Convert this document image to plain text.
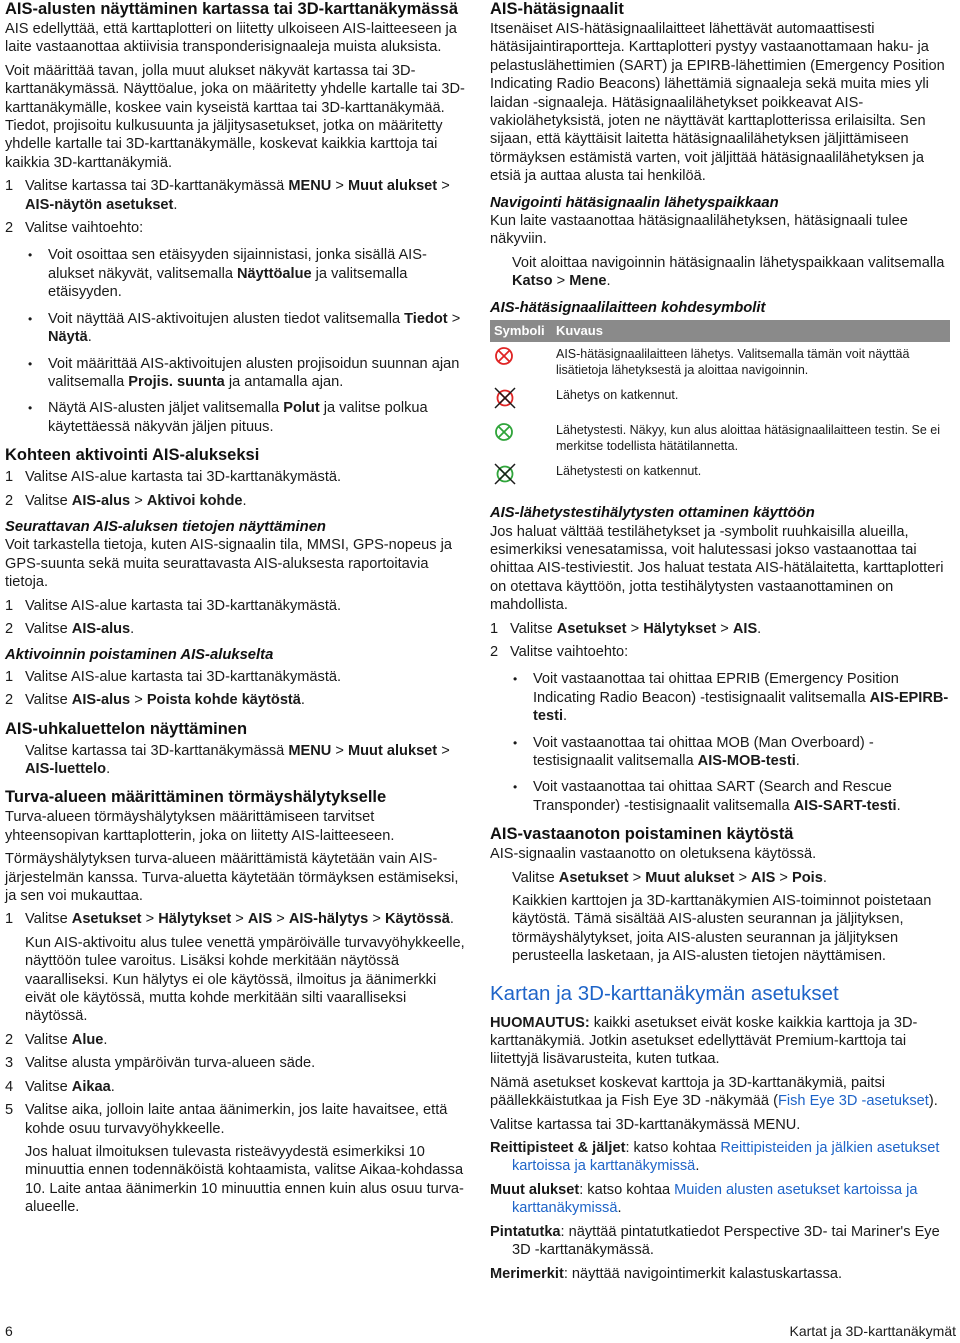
AIS-alusten näyttäminen kartassa tai 3D-karttanäkymässä

AIS edellyttää, että karttaplotteri on liitetty ulkoiseen AIS-laitteeseen ja laite vastaanottaa aktiivisia transponderisignaaleja muista aluksista.

Voit määrittää tavan, jolla muut alukset näkyvät kartassa tai 3D-karttanäkymässä. Näyttöalue, joka on määritetty yhdelle kartalle tai 3D-karttanäkymälle, koskee vain kyseistä karttaa tai 3D-karttanäkymää. Tiedot, projisoitu kulkusuunta ja jäljitysasetukset, jotka on määritetty yhdelle kartalle tai 3D-karttanäkymälle, koskevat kaikkia karttoja tai kaikkia 3D-karttanäkymiä.

1 Valitse kartassa tai 3D-karttanäkymässä MENU > Muut alukset > AIS-näytön asetukset.
2 Valitse vaihtoehto:
• Voit osoittaa sen etäisyyden sijainnistasi, jonka sisällä AIS-alukset näkyvät, valitsemalla Näyttöalue ja valitsemalla etäisyyden.
• Voit näyttää AIS-aktivoitujen alusten tiedot valitsemalla Tiedot > Näytä.
• Voit määrittää AIS-aktivoitujen alusten projisoidun suunnan ajan valitsemalla Projis. suunta ja antamalla ajan.
• Näytä AIS-alusten jäljet valitsemalla Polut ja valitse polkua käytettäessä näkyvän jäljen pituus.
Kohteen aktivointi AIS-alukseksi
1 Valitse AIS-alue kartasta tai 3D-karttanäkymästä.
2 Valitse AIS-alus > Aktivoi kohde.
Seurattavan AIS-aluksen tietojen näyttäminen

Voit tarkastella tietoja, kuten AIS-signaalin tila, MMSI, GPS-nopeus ja GPS-suunta sekä muita seurattavasta AIS-aluksesta raportoitavia tietoja.

1 Valitse AIS-alue kartasta tai 3D-karttanäkymästä.
2 Valitse AIS-alus.
Aktivoinnin poistaminen AIS-alukselta
1 Valitse AIS-alue kartasta tai 3D-karttanäkymästä.
2 Valitse AIS-alus > Poista kohde käytöstä.
AIS-uhkaluettelon näyttäminen

Valitse kartassa tai 3D-karttanäkymässä MENU > Muut alukset > AIS-luettelo.

Turva-alueen määrittäminen törmäyshälytykselle

Turva-alueen törmäyshälytyksen määrittämiseen tarvitset yhteensopivan karttaplotterin, joka on liitetty AIS-laitteeseen.

Törmäyshälytyksen turva-alueen määrittämistä käytetään vain AIS-järjestelmän kanssa. Turva-aluetta käytetään törmäyksen estämiseksi, ja sen voi mukauttaa.

1 Valitse Asetukset > Hälytykset > AIS > AIS-hälytys > Käytössä.

Kun AIS-aktivoitu alus tulee venettä ympäröivälle turvavyöhykkeelle, näyttöön tulee varoitus. Lisäksi kohde merkitään näytössä vaaralliseksi. Kun hälytys ei ole käytössä, ilmoitus ja äänimerkki eivät ole käytössä, mutta kohde merkitään silti vaaralliseksi näytössä.

2 Valitse Alue.
3 Valitse alusta ympäröivän turva-alueen säde.
4 Valitse Aikaa.
5 Valitse aika, jolloin laite antaa äänimerkin, jos laite havaitsee, että kohde osuu turvavyöhykkeelle.

Jos haluat ilmoituksen tulevasta risteävyydestä esimerkiksi 10 minuuttia ennen todennäköistä kohtaamista, valitse Aikaa-kohdassa 10. Laite antaa äänimerkin 10 minuuttia ennen kuin alus osuu turva-alueelle.

AIS-hätäsignaalit

Itsenäiset AIS-hätäsignaalilaitteet lähettävät automaattisesti hätäsijaintiraportteja. Karttaplotteri pystyy vastaanottamaan haku- ja pelastuslähettimien (SART) ja EPIRB-lähettimien (Emergency Position Indicating Radio Beacons) lähettämiä signaaleja sekä muita mies yli laidan -signaaleja. Hätäsignaalilähetykset poikkeavat AIS-vakiolähetyksistä, joten ne näyttävät karttaplotterissa erilaisilta. Sen sijaan, että käyttäisit laitetta hätäsignaalilähetyksen jäljittämiseen törmäyksen estämistä varten, voit jäljittää hätäsignaalilähetyksen ja etsiä ja auttaa alusta tai henkilöä.

Navigointi hätäsignaalin lähetyspaikkaan

Kun laite vastaanottaa hätäsignaalilähetyksen, hätäsignaali tulee näkyviin.

Voit aloittaa navigoinnin hätäsignaalin lähetyspaikkaan valitsemalla Katso > Mene.

AIS-hätäsignaalilaitteen kohdesymbolit
Symboli	Kuvaus
	AIS-hätäsignaalilaitteen lähetys. Valitsemalla tämän voit näyttää lisätietoja lähetyksestä ja aloittaa navigoinnin.
	Lähetys on katkennut.
	Lähetystesti. Näkyy, kun alus aloittaa hätäsignaalilaitteen testin. Se ei merkitse todellista hätätilannetta.
	Lähetystesti on katkennut.
AIS-lähetystestihälytysten ottaminen käyttöön

Jos haluat välttää testilähetykset ja -symbolit ruuhkaisilla alueilla, esimerkiksi venesatamissa, voit halutessasi jokso vastaanottaa tai ohittaa AIS-testiviestit. Jos haluat testata AIS-hätälaitetta, karttaplotteri on otettava käyttöön, jotta testihälytysten vastaanottaminen on mahdollista.

1 Valitse Asetukset > Hälytykset > AIS.
2 Valitse vaihtoehto:
• Voit vastaanottaa tai ohittaa EPRIB (Emergency Position Indicating Radio Beacon) -testisignaalit valitsemalla AIS-EPIRB-testi.
• Voit vastaanottaa tai ohittaa MOB (Man Overboard) -testisignaalit valitsemalla AIS-MOB-testi.
• Voit vastaanottaa tai ohittaa SART (Search and Rescue Transponder) -testisignaalit valitsemalla AIS-SART-testi.
AIS-vastaanoton poistaminen käytöstä

AIS-signaalin vastaanotto on oletuksena käytössä.

Valitse Asetukset > Muut alukset > AIS > Pois.

Kaikkien karttojen ja 3D-karttanäkymien AIS-toiminnot poistetaan käytöstä. Tämä sisältää AIS-alusten seurannan ja jäljityksen, törmäyshälytykset, joita AIS-alusten seurannan ja jäljityksen perusteella lasketaan, ja AIS-alusten tietojen näyttämisen.

Kartan ja 3D-karttanäkymän asetukset

HUOMAUTUS: kaikki asetukset eivät koske kaikkia karttoja ja 3D-karttanäkymiä. Jotkin asetukset edellyttävät Premium-karttoja tai liitettyjä lisävarusteita, kuten tutkaa.

Nämä asetukset koskevat karttoja ja 3D-karttanäkymiä, paitsi päällekkäistutkaa ja Fish Eye 3D -näkymää (Fish Eye 3D -asetukset).

Valitse kartassa tai 3D-karttanäkymässä MENU.

Reittipisteet & jäljet: katso kohtaa Reittipisteiden ja jälkien asetukset kartoissa ja karttanäkymissä.

Muut alukset: katso kohtaa Muiden alusten asetukset kartoissa ja karttanäkymissä.

Pintatutka: näyttää pintatutkatiedot Perspective 3D- tai Mariner's Eye 3D -karttanäkymässä.

Merimerkit: näyttää navigointimerkit kalastuskartassa.

6	Kartat ja 3D-karttanäkymät
